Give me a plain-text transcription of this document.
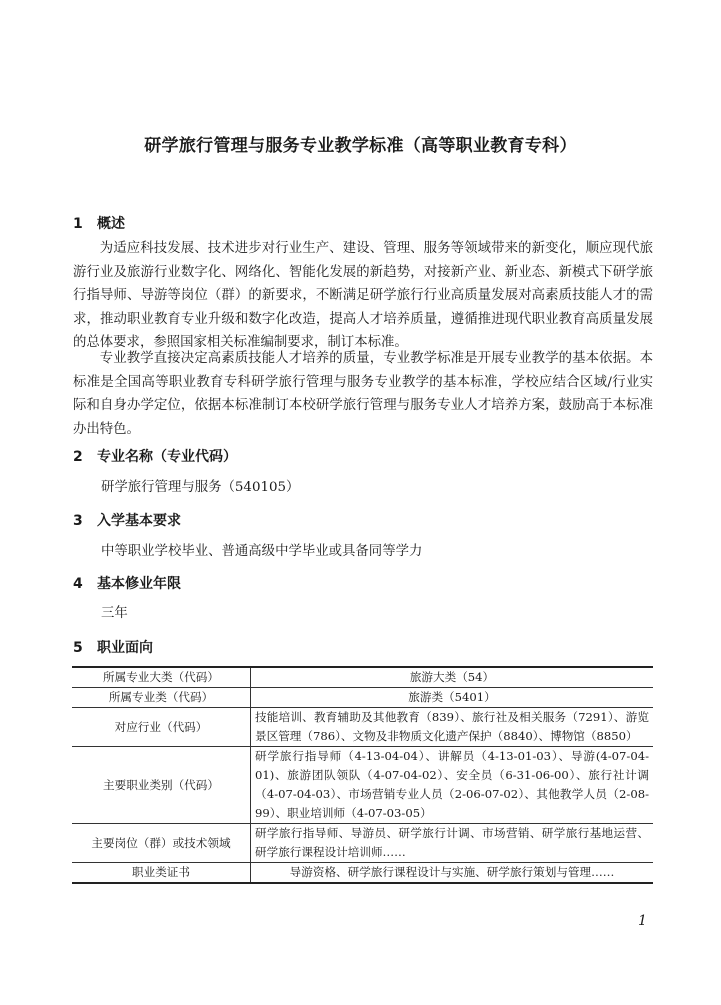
研学旅行管理与服务专业教学标准（高等职业教育专科）
1 概述

为适应科技发展、技术进步对行业生产、建设、管理、服务等领域带来的新变化，顺应现代旅游行业及旅游行业数字化、网络化、智能化发展的新趋势，对接新产业、新业态、新模式下研学旅行指导师、导游等岗位（群）的新要求，不断满足研学旅行行业高质量发展对高素质技能人才的需求，推动职业教育专业升级和数字化改造，提高人才培养质量，遵循推进现代职业教育高质量发展的总体要求，参照国家相关标准编制要求，制订本标准。

专业教学直接决定高素质技能人才培养的质量，专业教学标准是开展专业教学的基本依据。本标准是全国高等职业教育专科研学旅行管理与服务专业教学的基本标准，学校应结合区域/行业实际和自身办学定位，依据本标准制订本校研学旅行管理与服务专业人才培养方案，鼓励高于本标准办出特色。

2 专业名称（专业代码）
研学旅行管理与服务（540105）
3 入学基本要求
中等职业学校毕业、普通高级中学毕业或具备同等学力
4 基本修业年限
三年
5 职业面向
所属专业大类（代码）	旅游大类（54）
所属专业类（代码）	旅游类（5401）
对应行业（代码）	技能培训、教育辅助及其他教育（839）、旅行社及相关服务（7291）、游览景区管理（786）、文物及非物质文化遗产保护（8840）、博物馆（8850）
主要职业类别（代码）	研学旅行指导师（4-13-04-04）、讲解员（4-13-01-03）、导游(4-07-04-01)、旅游团队领队（4-07-04-02）、安全员（6-31-06-00）、旅行社计调（4-07-04-03）、市场营销专业人员（2-06-07-02）、其他教学人员（2-08-99）、职业培训师（4-07-03-05）
主要岗位（群）或技术领域	研学旅行指导师、导游员、研学旅行计调、市场营销、研学旅行基地运营、研学旅行课程设计培训师……
职业类证书	导游资格、研学旅行课程设计与实施、研学旅行策划与管理……
1
